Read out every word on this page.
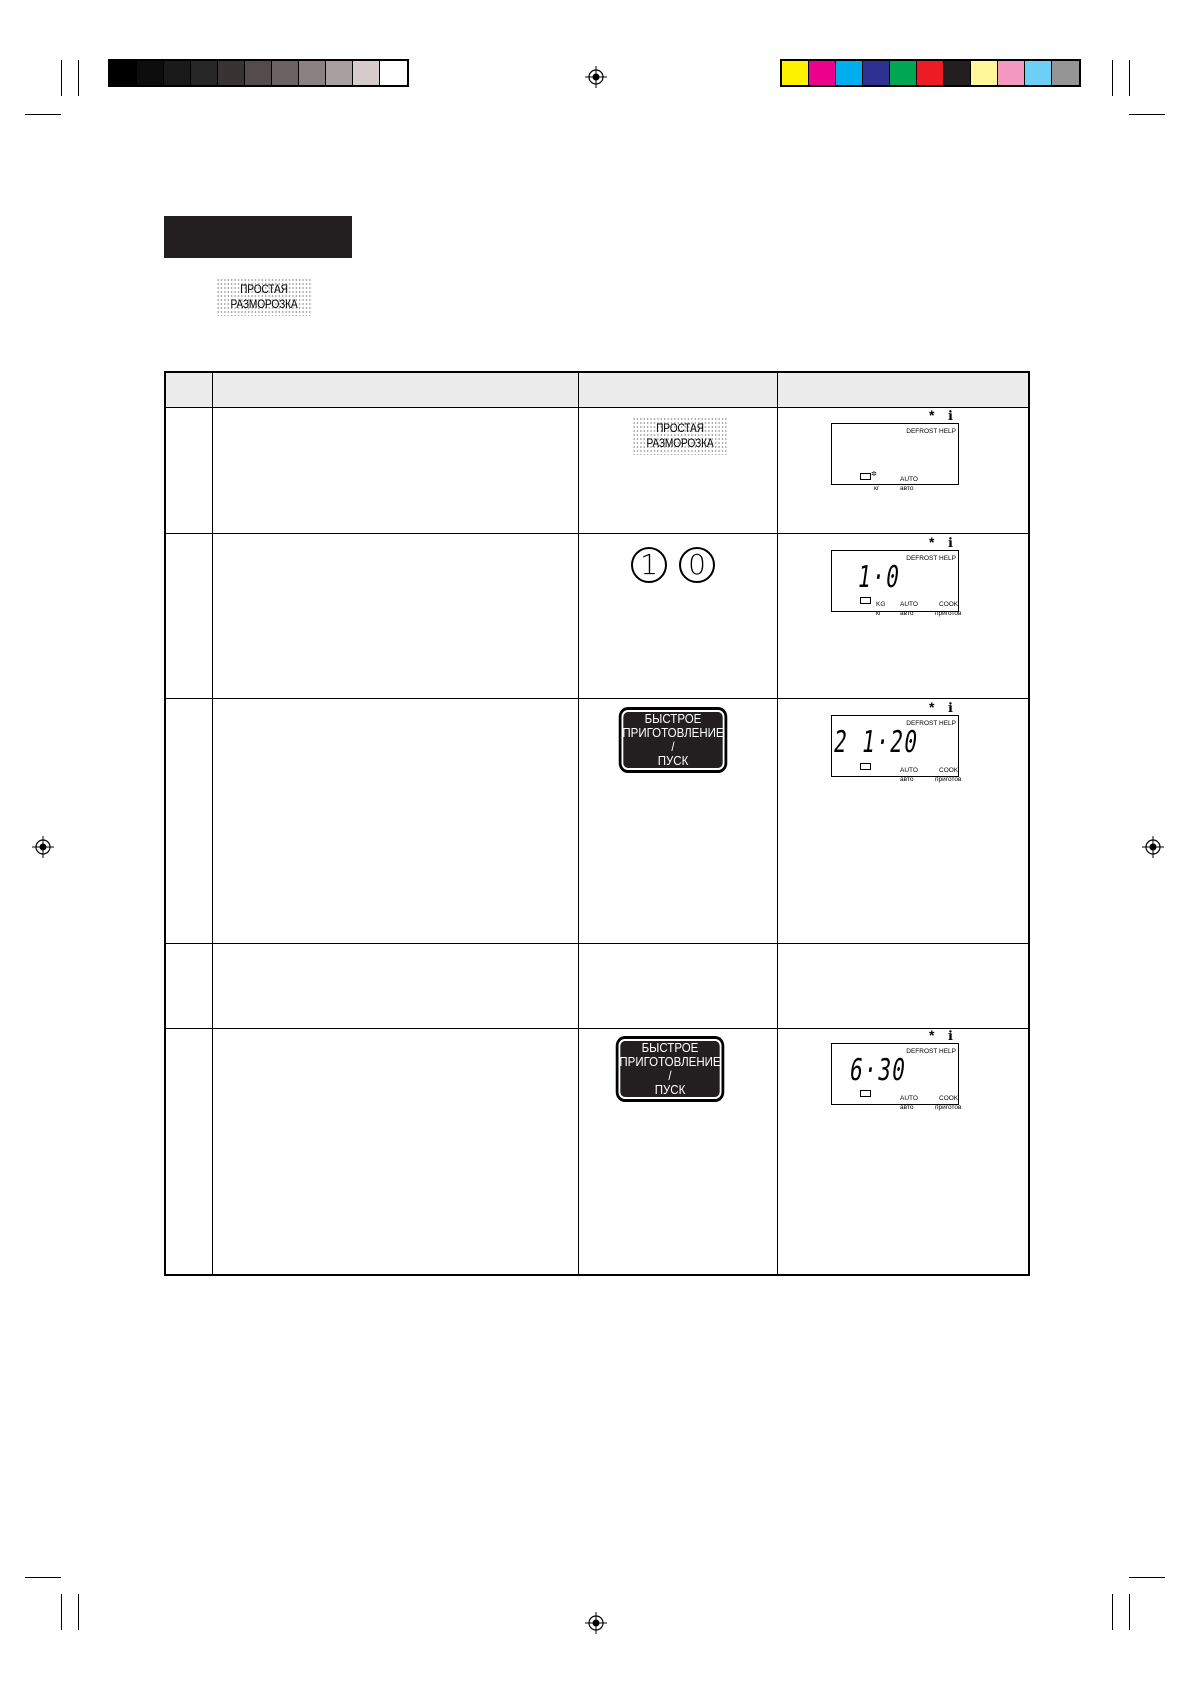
ПРОСТАЯ
РАЗМОРОЗКА
ПРОСТАЯ
РАЗМОРОЗКА
* ℹ
DEFROST HELP
✲
кг
AUTO
авто
1	0
* ℹ
DEFROST HELP
1·0
KG
кг
AUTO
авто
COOK
приготов
БЫСТРОЕ
ПРИГОТОВЛЕНИЕ /
ПУСК
* ℹ
DEFROST HELP
2 1·20
AUTO
авто
COOK
приготов
БЫСТРОЕ
ПРИГОТОВЛЕНИЕ /
ПУСК
* ℹ
DEFROST HELP
6·30
AUTO
авто
COOK
приготов
